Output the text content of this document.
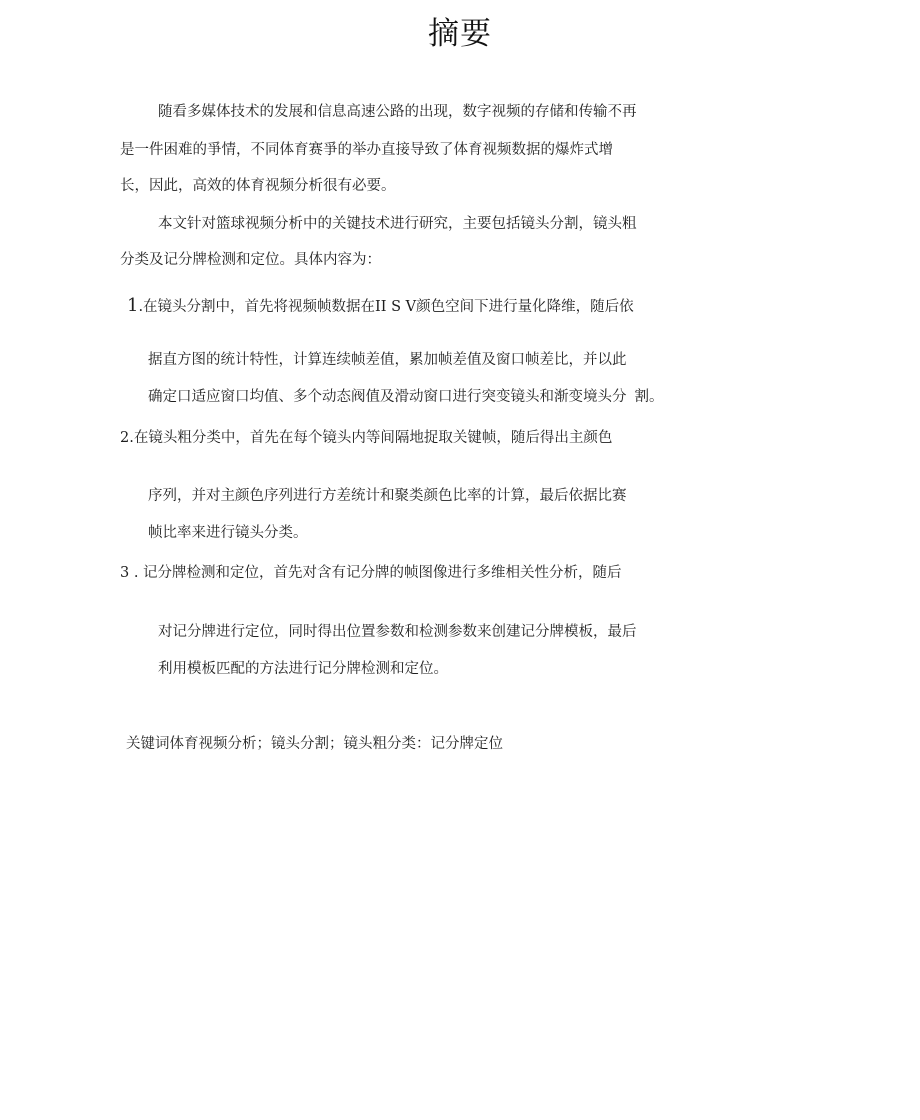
摘要
随看多媒体技术的发展和信息高速公路的出现，数字视频的存储和传输不再
是一件困难的爭情，不同体育赛爭的举办直接导致了体育视频数据的爆炸式增
长，因此，高效的体育视频分析很有必要。
本文针对篮球视频分析中的关键技术进行研究，主要包括镜头分割，镜头粗
分类及记分牌检测和定位。具体内容为：
1.在镜头分割中，首先将视频帧数据在II S V颜色空间下进行量化降维，随后依
据直方图的统计特性，计算连续帧差值，累加帧差值及窗口帧差比，并以此
确定口适应窗口均值、多个动态阀值及滑动窗口进行突变镜头和渐变境头分 割。
2.在镜头粗分类中，首先在每个镜头内等间隔地捉取关键帧，随后得出主颜色
序列，并对主颜色序列进行方差统计和聚类颜色比率的计算，最后依据比赛
帧比率来进行镜头分类。
3 . 记分牌检测和定位，首先对含有记分牌的帧图像进行多维相关性分析，随后
对记分牌进行定位，同时得出位置参数和检测参数来创建记分牌模板，最后
利用模板匹配的方法进行记分牌检测和定位。
关键词体育视频分析；镜头分割；镜头粗分类：记分牌定位
